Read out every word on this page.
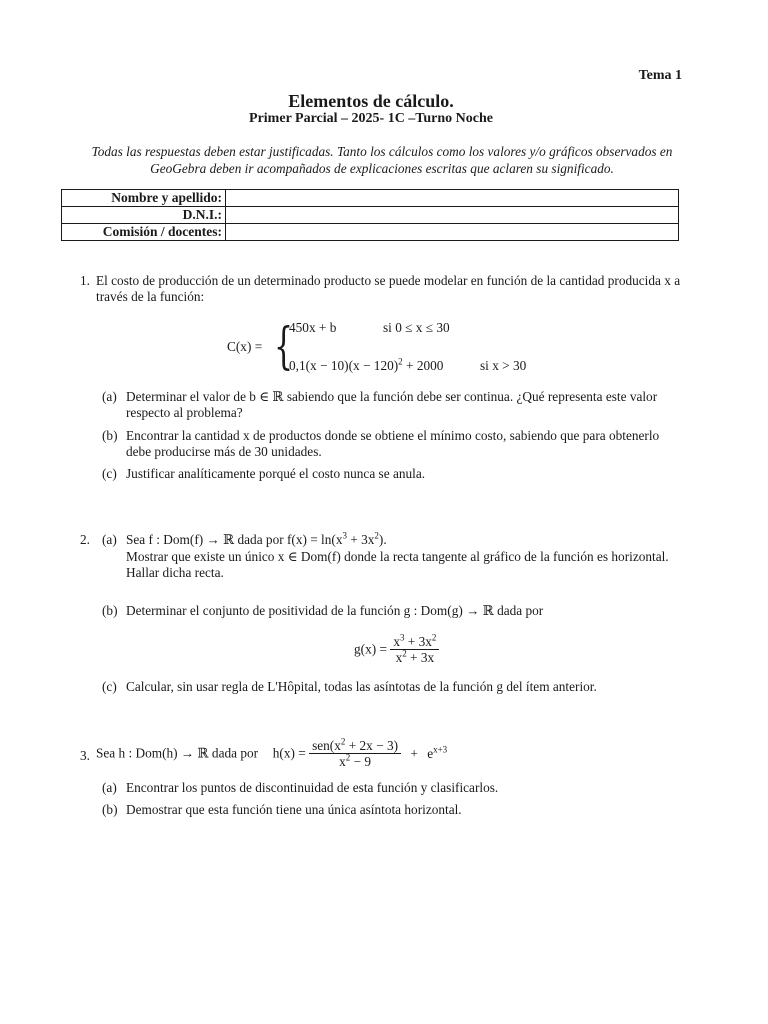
Tema 1
Elementos de cálculo.
Primer Parcial – 2025- 1C –Turno Noche
Todas las respuestas deben estar justificadas. Tanto los cálculos como los valores y/o gráficos observados en GeoGebra deben ir acompañados de explicaciones escritas que aclaren su significado.
Nombre y apellido:	
D.N.I.:	
Comisión / docentes:	
1. El costo de producción de un determinado producto se puede modelar en función de la cantidad producida x a través de la función:
C(x) = {
450x + b	si 0 ≤ x ≤ 30
$0,1(x - 10)(x - 120)^2 + 2000$	si x > 30
(a) Determinar el valor de b ∈ ℝ sabiendo que la función debe ser continua. ¿Qué representa este valor respecto al problema?
(b) Encontrar la cantidad x de productos donde se obtiene el mínimo costo, sabiendo que para obtenerlo debe producirse más de 30 unidades.
(c) Justificar analíticamente porqué el costo nunca se anula.
2. (a) Sea f : Dom(f) → ℝ dada por $f(x) = \ln(x^3 + 3x^2)$.
Mostrar que existe un único x ∈ Dom(f) donde la recta tangente al gráfico de la función es horizontal. Hallar dicha recta.
(b) Determinar el conjunto de positividad de la función g : Dom(g) → ℝ dada por
$g(x) = \frac{x^3 + 3x^2}{x^2 + 3x}$
(c) Calcular, sin usar regla de L'Hôpital, todas las asíntotas de la función g del ítem anterior.
3. Sea h : Dom(h) → ℝ dada por $h(x) = \frac{sen(x^2 + 2x - 3)}{x^2 - 9} + e^{x+3}$
(a) Encontrar los puntos de discontinuidad de esta función y clasificarlos.
(b) Demostrar que esta función tiene una única asíntota horizontal.
